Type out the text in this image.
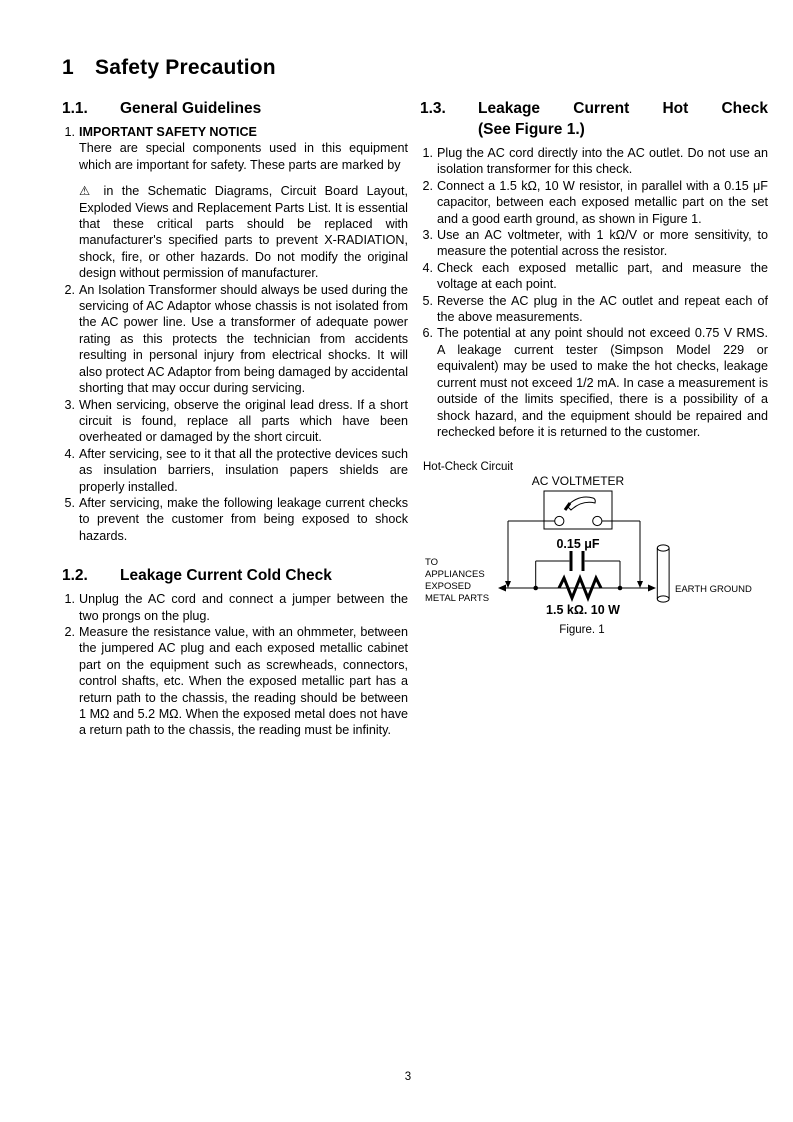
1 Safety Precaution
1.1.	General Guidelines
1. IMPORTANT SAFETY NOTICE

There are special components used in this equipment which are important for safety. These parts are marked by

⚠ in the Schematic Diagrams, Circuit Board Layout, Exploded Views and Replacement Parts List. It is essential that these critical parts should be replaced with manufacturer's specified parts to prevent X-RADIATION, shock, fire, or other hazards. Do not modify the original design without permission of manufacturer.

2. An Isolation Transformer should always be used during the servicing of AC Adaptor whose chassis is not isolated from the AC power line. Use a transformer of adequate power rating as this protects the technician from accidents resulting in personal injury from electrical shocks. It will also protect AC Adaptor from being damaged by accidental shorting that may occur during servicing.

3. When servicing, observe the original lead dress. If a short circuit is found, replace all parts which have been overheated or damaged by the short circuit.

4. After servicing, see to it that all the protective devices such as insulation barriers, insulation papers shields are properly installed.

5. After servicing, make the following leakage current checks to prevent the customer from being exposed to shock hazards.

1.2.	Leakage Current Cold Check
1. Unplug the AC cord and connect a jumper between the two prongs on the plug.

2. Measure the resistance value, with an ohmmeter, between the jumpered AC plug and each exposed metallic cabinet part on the equipment such as screwheads, connectors, control shafts, etc. When the exposed metallic part has a return path to the chassis, the reading should be between 1 MΩ and 5.2 MΩ. When the exposed metal does not have a return path to the chassis, the reading must be infinity.

1.3.	Leakage Current Hot Check
(See Figure 1.)
1. Plug the AC cord directly into the AC outlet. Do not use an isolation transformer for this check.

2. Connect a 1.5 kΩ, 10 W resistor, in parallel with a 0.15 μF capacitor, between each exposed metallic part on the set and a good earth ground, as shown in Figure 1.

3. Use an AC voltmeter, with 1 kΩ/V or more sensitivity, to measure the potential across the resistor.

4. Check each exposed metallic part, and measure the voltage at each point.

5. Reverse the AC plug in the AC outlet and repeat each of the above measurements.

6. The potential at any point should not exceed 0.75 V RMS. A leakage current tester (Simpson Model 229 or equivalent) may be used to make the hot checks, leakage current must not exceed 1/2 mA. In case a measurement is outside of the limits specified, there is a possibility of a shock hazard, and the equipment should be repaired and rechecked before it is returned to the customer.

Hot-Check Circuit
AC VOLTMETER
0.15 μF
1.5 kΩ. 10 W
EARTH GROUND
TO
APPLIANCES
EXPOSED
METAL PARTS
Figure. 1
3
